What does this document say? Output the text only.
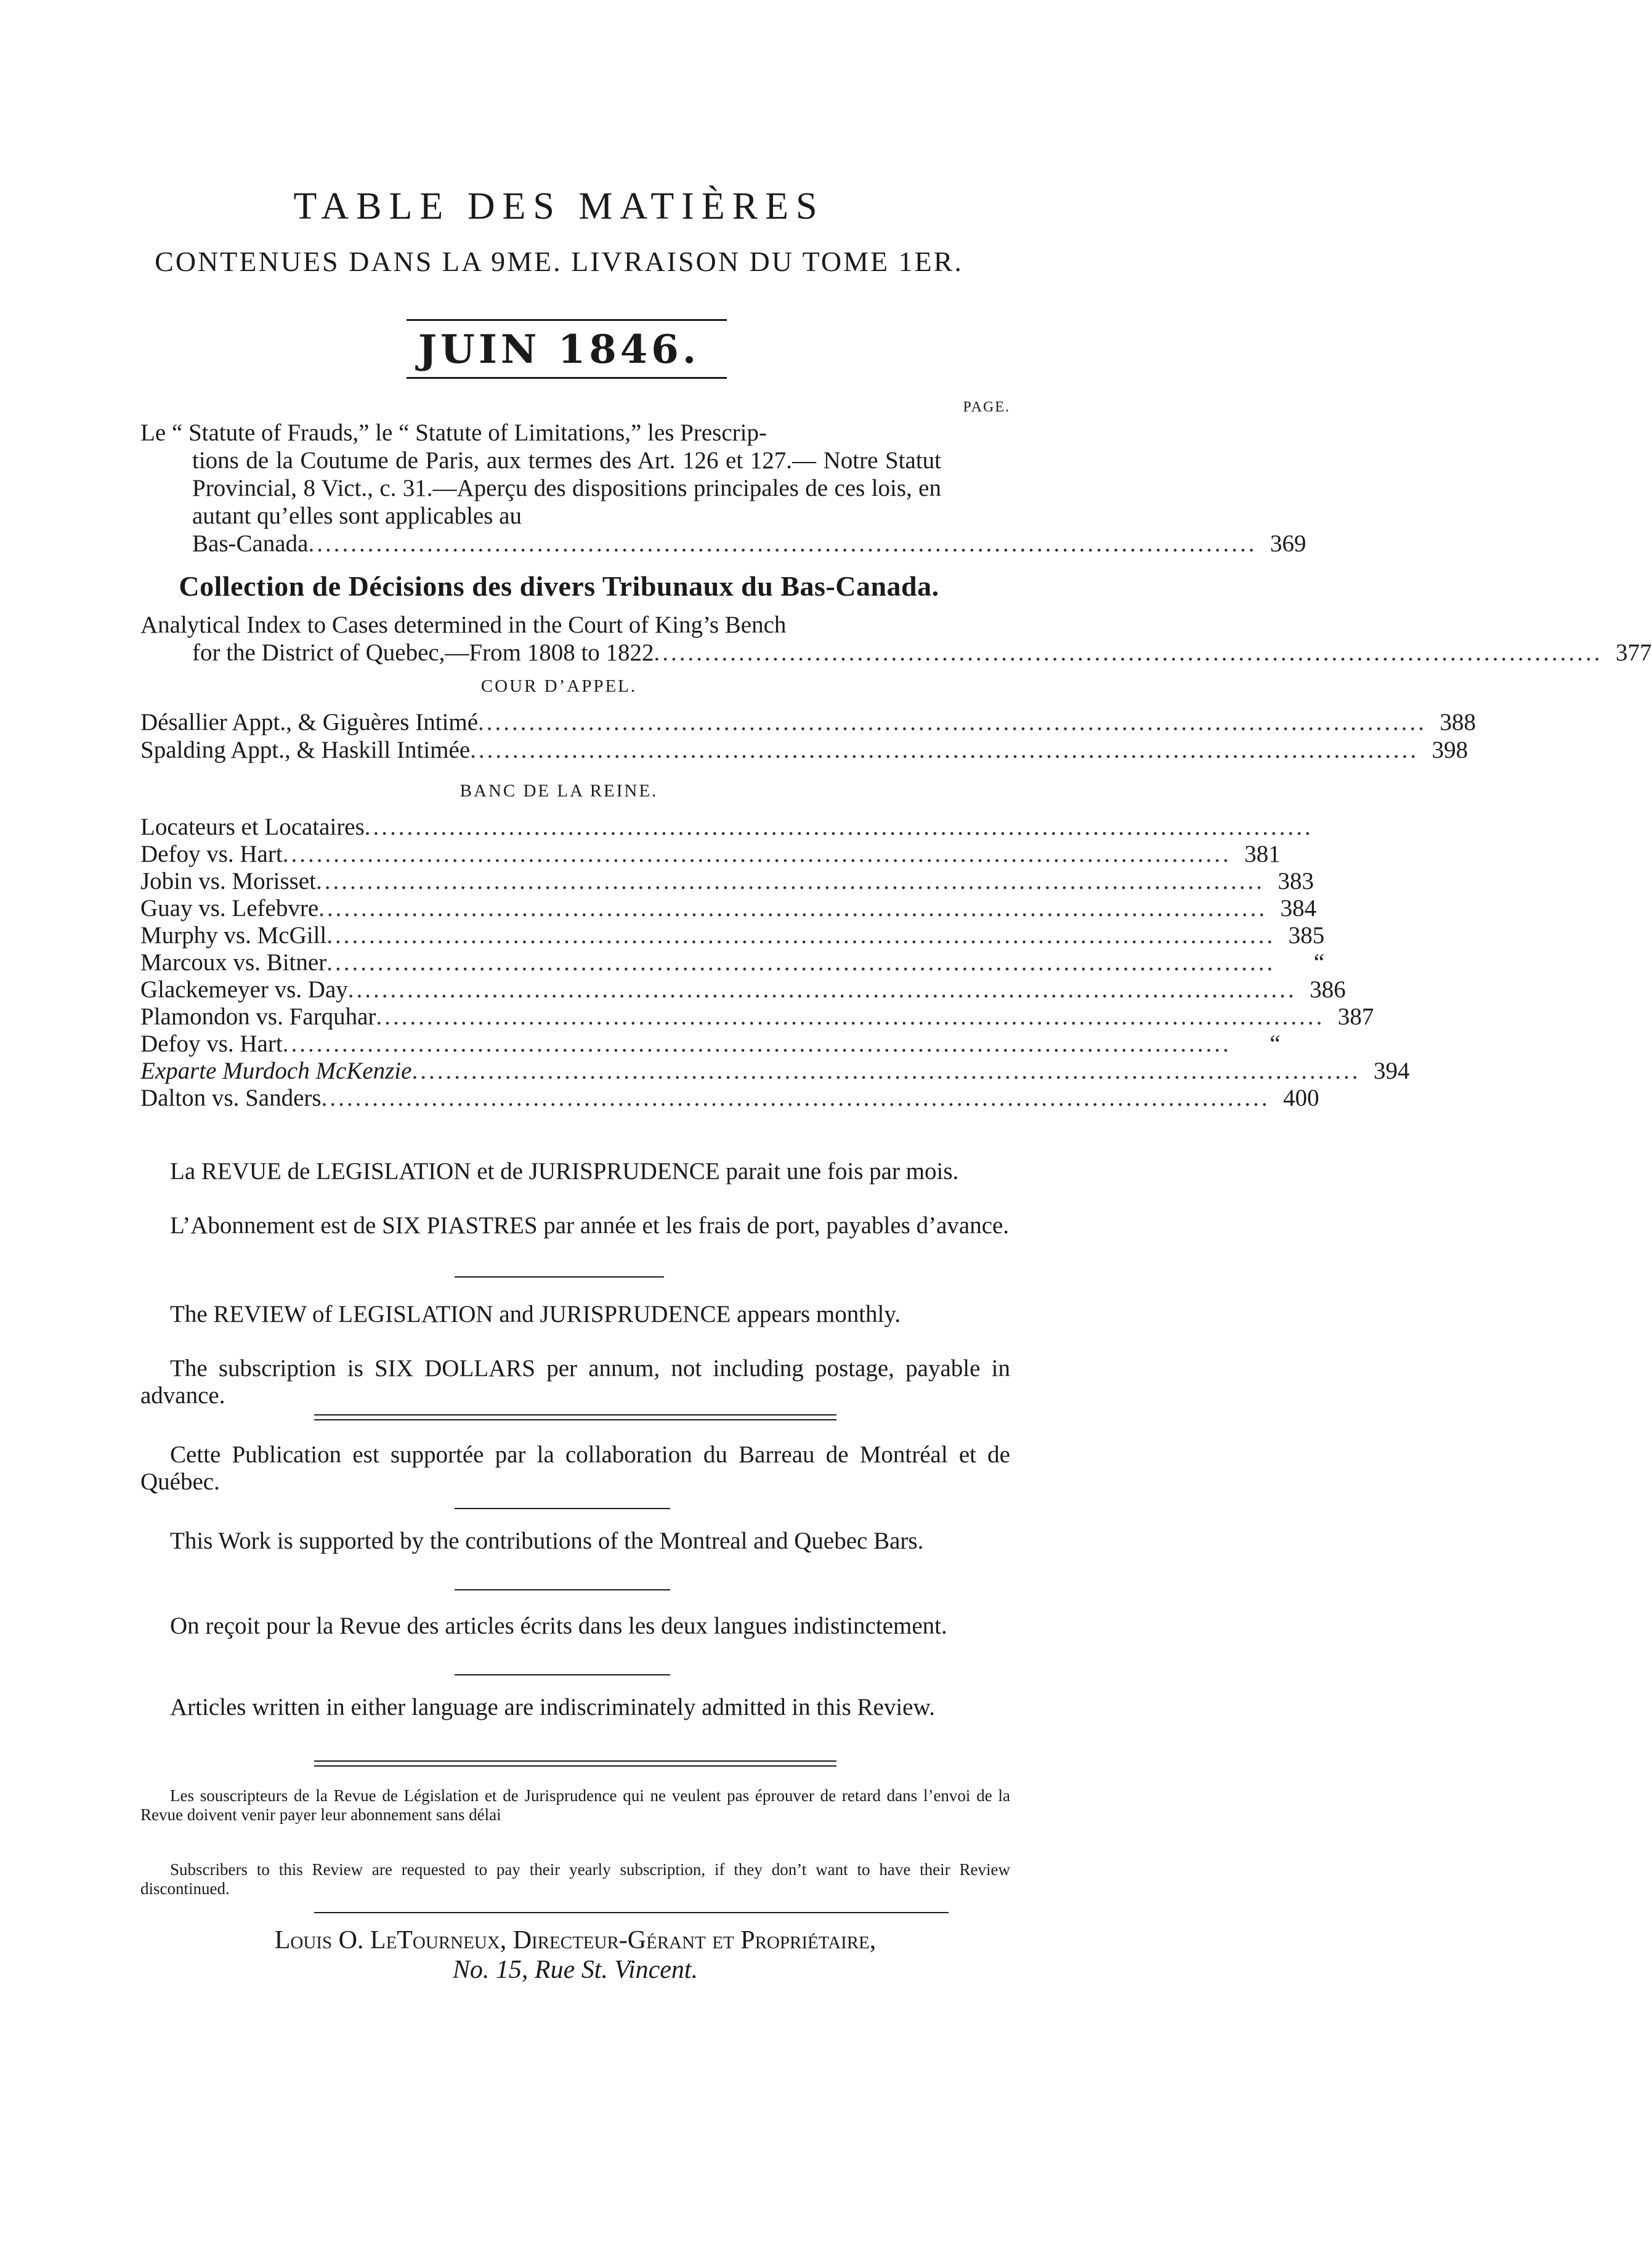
TABLE DES MATIÈRES
CONTENUES DANS LA 9ME. LIVRAISON DU TOME 1ER.
JUIN 1846.
PAGE.

Le “ Statute of Frauds,” le “ Statute of Limitations,” les Prescrip-

tions de la Coutume de Paris, aux termes des Art. 126 et 127.— Notre Statut Provincial, 8 Vict., c. 31.—Aperçu des dispositions principales de ces lois, en autant qu’elles sont applicables au

Bas-Canada ................................................................................................................ 369
Collection de Décisions des divers Tribunaux du Bas-Canada.
Analytical Index to Cases determined in the Court of King’s Bench
for the District of Quebec,—From 1808 to 1822 ................................................................................................................ 377
COUR D’APPEL.
Désallier Appt., & Giguères Intimé ................................................................................................................ 388
Spalding Appt., & Haskill Intimée ................................................................................................................ 398
BANC DE LA REINE.
Locateurs et Locataires ................................................................................................................
Defoy vs. Hart ................................................................................................................ 381
Jobin vs. Morisset ................................................................................................................ 383
Guay vs. Lefebvre ................................................................................................................ 384
Murphy vs. McGill ................................................................................................................ 385
Marcoux vs. Bitner ................................................................................................................	“
Glackemeyer vs. Day ................................................................................................................ 386
Plamondon vs. Farquhar ................................................................................................................ 387
Defoy vs. Hart ................................................................................................................	“
Exparte Murdoch McKenzie ................................................................................................................ 394
Dalton vs. Sanders ................................................................................................................ 400

La REVUE de LEGISLATION et de JURISPRUDENCE parait une fois par mois.

L’Abonnement est de SIX PIASTRES par année et les frais de port, payables d’avance.

The REVIEW of LEGISLATION and JURISPRUDENCE appears monthly.

The subscription is SIX DOLLARS per annum, not including postage, payable in advance.

Cette Publication est supportée par la collaboration du Barreau de Montréal et de Québec.

This Work is supported by the contributions of the Montreal and Quebec Bars.

On reçoit pour la Revue des articles écrits dans les deux langues indistinctement.

Articles written in either language are indiscriminately admitted in this Review.

Les souscripteurs de la Revue de Législation et de Jurisprudence qui ne veulent pas éprouver de retard dans l’envoi de la Revue doivent venir payer leur abonnement sans délai

Subscribers to this Review are requested to pay their yearly subscription, if they don’t want to have their Review discontinued.

Louis O. LeTourneux, Directeur-Gérant et Propriétaire,
No. 15, Rue St. Vincent.
